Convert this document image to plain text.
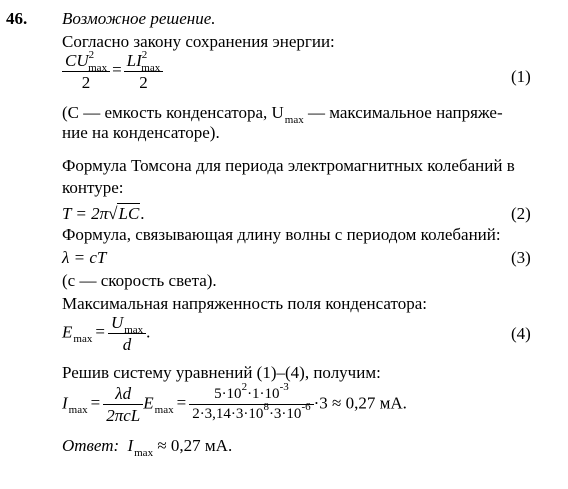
46. Возможное решение.
Согласно закону сохранения энергии:
$\frac{CU^2_{max}}{2} = \frac{LI^2_{max}}{2}$	(1)
(C — емкость конденсатора, $U_{max}$ — максимальное напряже-
ние на конденсаторе).
Формула Томсона для периода электромагнитных колебаний в
контуре:
T = 2π√LC.	(2)
Формула, связывающая длину волны с периодом колебаний:
λ = cT	(3)
(c — скорость света).
Максимальная напряженность поля конденсатора:
$E_{max} = \frac{U_{max}}{d}$ .	(4)
Решив систему уравнений (1)–(4), получим:
$I_{max} = \frac{\lambda d}{\text{2πcL}} E_{max} = \frac{5\cdot 10^2\cdot 1\cdot 10^{-3}}{2\cdot 3,14\cdot 3\cdot 10^8\cdot 3\cdot 10^{-6}} \cdot 3 \approx 0,27$ мА.
Ответ: $I_{max} \approx 0,27$ мА.
